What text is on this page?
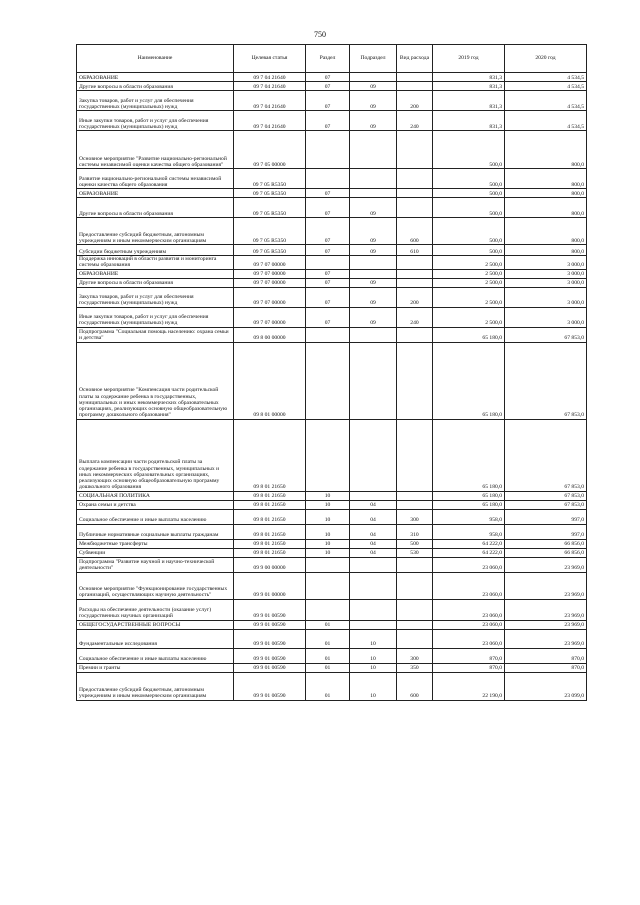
750
Наименование	Целевая статья	Раздел	Подраздел	Вид расхода	2019 год	2020 год
ОБРАЗОВАНИЕ	09 7 04 21640	07			831,3	4 534,5
Другие вопросы в области образования	09 7 04 21640	07	09		831,3	4 534,5
Закупка товаров, работ и услуг для обеспечения государственных (муниципальных) нужд	09 7 04 21640	07	09	200	831,3	4 534,5
Иные закупки товаров, работ и услуг для обеспечения государственных (муниципальных) нужд	09 7 04 21640	07	09	240	831,3	4 534,5
Основное мероприятие "Развитие национально-региональной системы независимой оценки качества общего образования"	09 7 05 00000				500,0	800,0
Развитие национально-региональной системы независимой оценки качества общего образования	09 7 05 R5350				500,0	800,0
ОБРАЗОВАНИЕ	09 7 05 R5350	07			500,0	800,0
Другие вопросы в области образования	09 7 05 R5350	07	09		500,0	800,0
Предоставление субсидий бюджетным, автономным учреждениям и иным некоммерческим организациям	09 7 05 R5350	07	09	600	500,0	800,0
Субсидии бюджетным учреждениям	09 7 05 R5350	07	09	610	500,0	800,0
Поддержка инноваций в области развития и мониторинга системы образования	09 7 07 00000				2 500,0	3 000,0
ОБРАЗОВАНИЕ	09 7 07 00000	07			2 500,0	3 000,0
Другие вопросы в области образования	09 7 07 00000	07	09		2 500,0	3 000,0
Закупка товаров, работ и услуг для обеспечения государственных (муниципальных) нужд	09 7 07 00000	07	09	200	2 500,0	3 000,0
Иные закупки товаров, работ и услуг для обеспечения государственных (муниципальных) нужд	09 7 07 00000	07	09	240	2 500,0	3 000,0
Подпрограмма "Социальная помощь населению: охрана семьи и детства"	09 8 00 00000				65 180,0	67 853,0
Основное мероприятие "Компенсация части родительской платы за содержание ребенка в государственных, муниципальных и иных некоммерческих образовательных организациях, реализующих основную общеобразовательную программу дошкольного образования"	09 8 01 00000				65 180,0	67 853,0
Выплата компенсации части родительской платы за содержание ребенка в государственных, муниципальных и иных некоммерческих образовательных организациях, реализующих основную общеобразовательную программу дошкольного образования	09 8 01 21650				65 180,0	67 853,0
СОЦИАЛЬНАЯ ПОЛИТИКА	09 8 01 21650	10			65 180,0	67 853,0
Охрана семьи и детства	09 8 01 21650	10	04		65 180,0	67 853,0
Социальное обеспечение и иные выплаты населению	09 8 01 21650	10	04	300	958,0	997,0
Публичные нормативные социальные выплаты гражданам	09 8 01 21650	10	04	310	958,0	997,0
Межбюджетные трансферты	09 8 01 21650	10	04	500	64 222,0	66 856,0
Субвенции	09 8 01 21650	10	04	530	64 222,0	66 856,0
Подпрограмма "Развитие научной и научно-технической деятельности"	09 9 00 00000				23 060,0	23 969,0
Основное мероприятие "Функционирование государственных организаций, осуществляющих научную деятельность"	09 9 01 00000				23 060,0	23 969,0
Расходы на обеспечение деятельности (оказание услуг) государственных научных организаций	09 9 01 00590				23 060,0	23 969,0
ОБЩЕГОСУДАРСТВЕННЫЕ ВОПРОСЫ	09 9 01 00590	01			23 060,0	23 969,0
Фундаментальные исследования	09 9 01 00590	01	10		23 060,0	23 969,0
Социальное обеспечение и иные выплаты населению	09 9 01 00590	01	10	300	870,0	870,0
Премии и гранты	09 9 01 00590	01	10	350	870,0	870,0
Предоставление субсидий бюджетным, автономным учреждениям и иным некоммерческим организациям	09 9 01 00590	01	10	600	22 190,0	23 099,0
